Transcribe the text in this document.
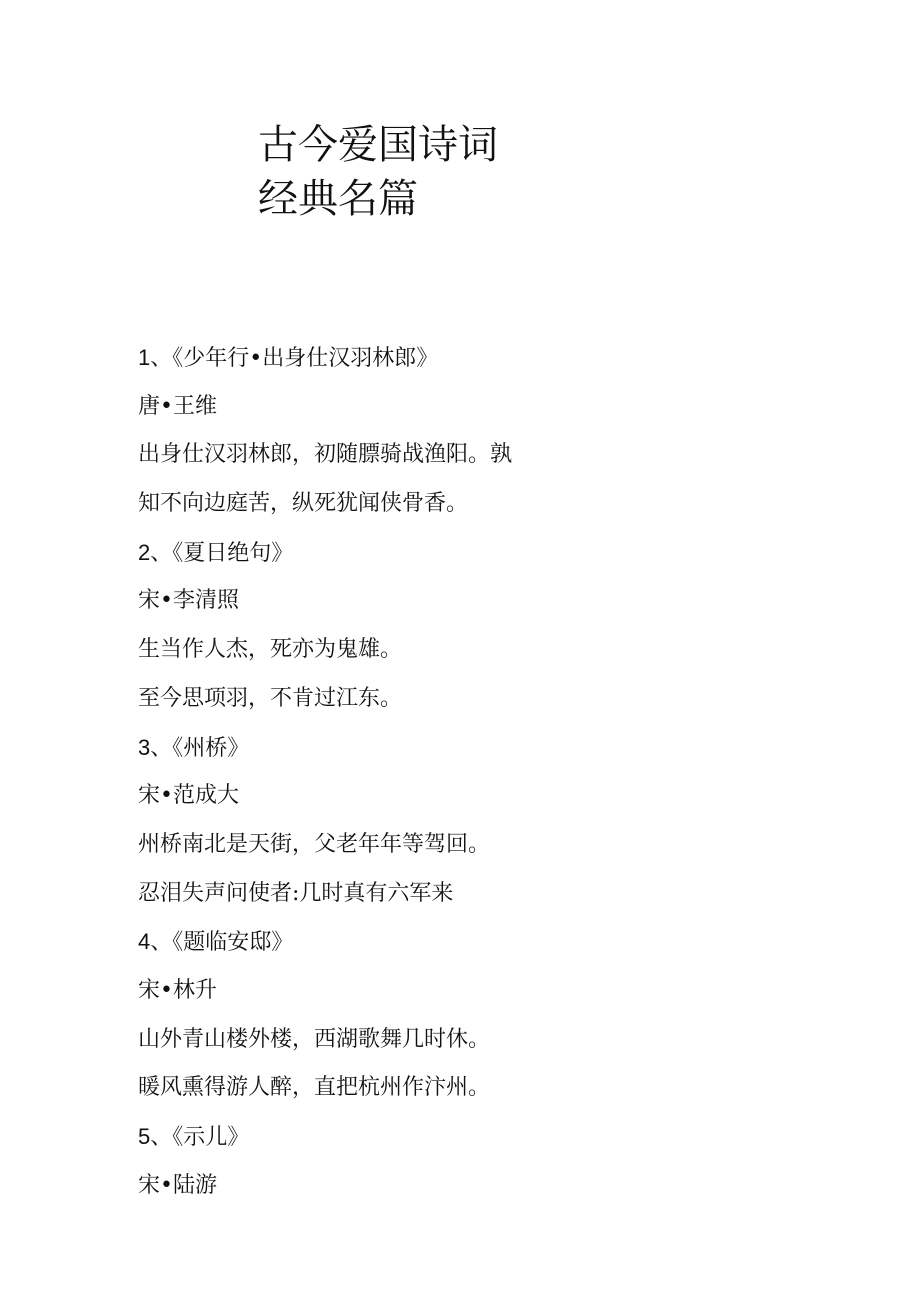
古今爱国诗词
经典名篇
1、《少年行•出身仕汉羽林郎》
唐•王维
出身仕汉羽林郎，初随膘骑战渔阳。孰
知不向边庭苦，纵死犹闻侠骨香。
2、《夏日绝句》
宋•李清照
生当作人杰，死亦为鬼雄。
至今思项羽，不肯过江东。
3、《州桥》
宋•范成大
州桥南北是天街，父老年年等驾回。
忍泪失声问使者:几时真有六军来
4、《题临安邸》
宋•林升
山外青山楼外楼，西湖歌舞几时休。
暖风熏得游人醉，直把杭州作汴州。
5、《示儿》
宋•陆游
